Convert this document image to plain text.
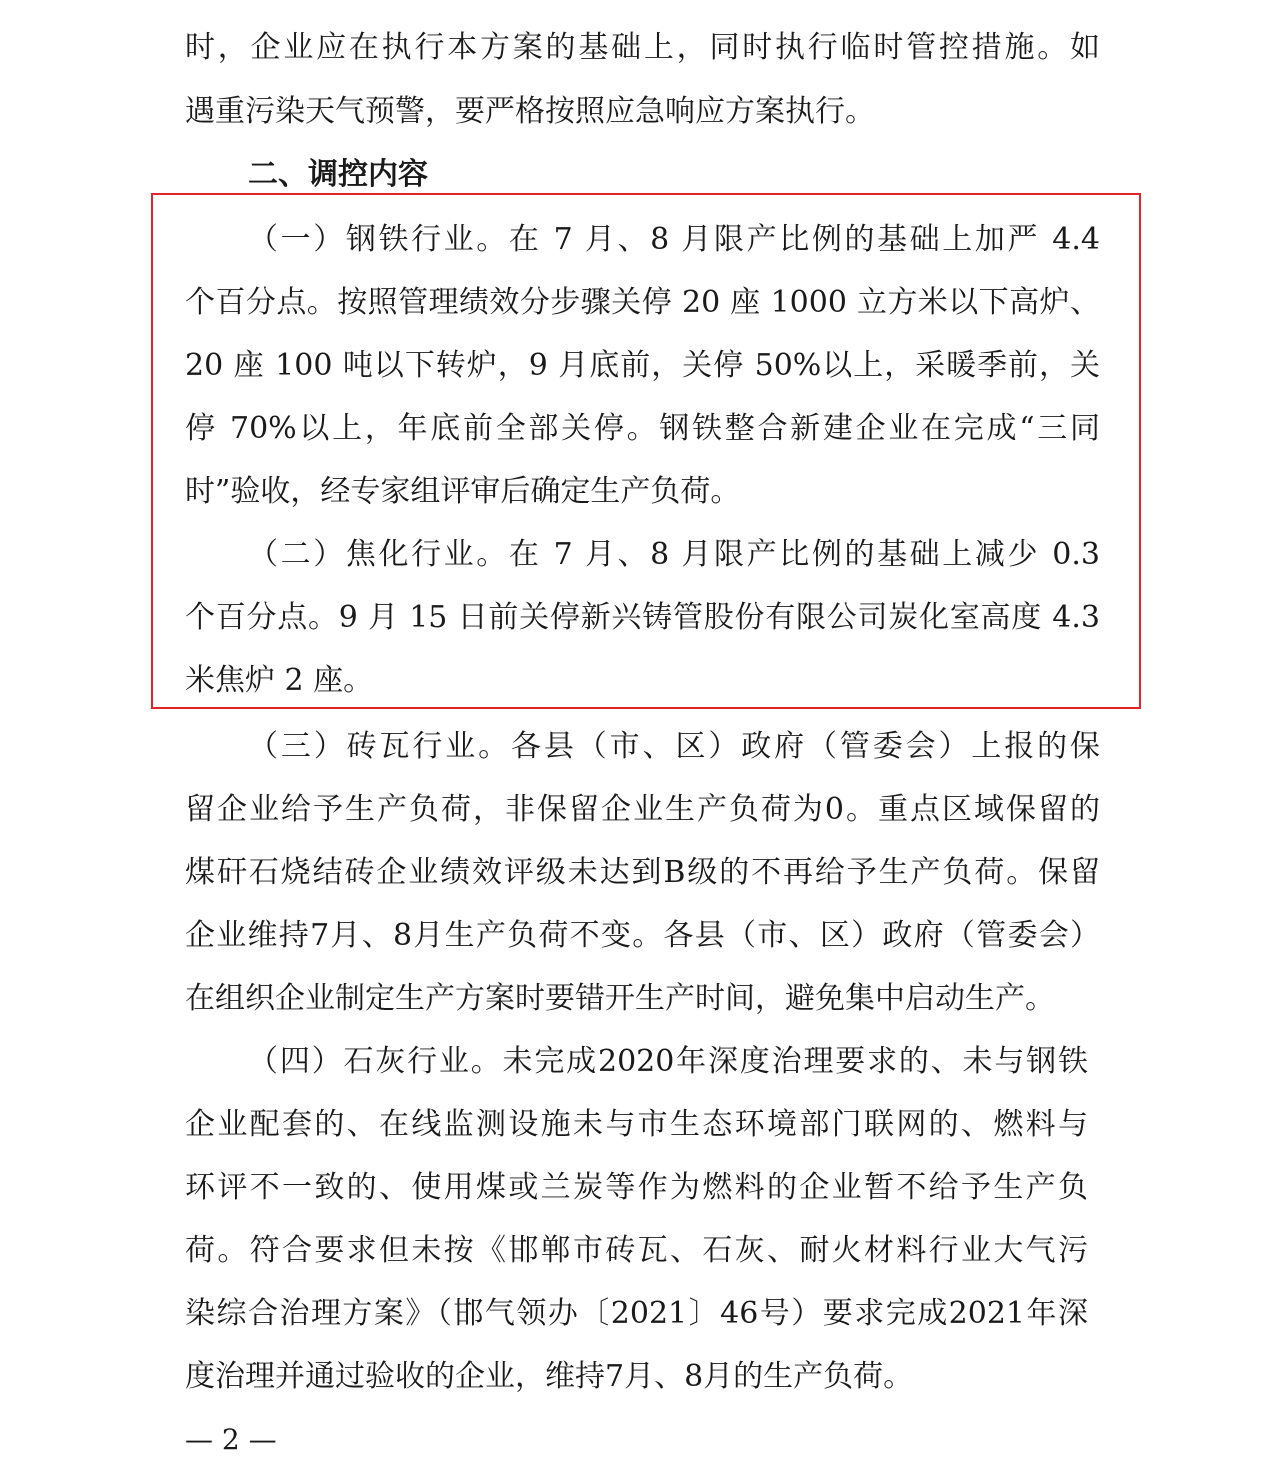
时，企业应在执行本方案的基础上，同时执行临时管控措施。如
遇重污染天气预警，要严格按照应急响应方案执行。
二、调控内容
（一）钢铁行业。在 7 月、8 月限产比例的基础上加严 4.4
个百分点。按照管理绩效分步骤关停 20 座 1000 立方米以下高炉、
20 座 100 吨以下转炉，9 月底前，关停 50%以上，采暖季前，关
停 70%以上，年底前全部关停。钢铁整合新建企业在完成“三同
时”验收，经专家组评审后确定生产负荷。
（二）焦化行业。在 7 月、8 月限产比例的基础上减少 0.3
个百分点。9 月 15 日前关停新兴铸管股份有限公司炭化室高度 4.3
米焦炉 2 座。
（三）砖瓦行业。各县（市、区）政府（管委会）上报的保
留企业给予生产负荷，非保留企业生产负荷为0。重点区域保留的
煤矸石烧结砖企业绩效评级未达到B级的不再给予生产负荷。保留
企业维持7月、8月生产负荷不变。各县（市、区）政府（管委会）
在组织企业制定生产方案时要错开生产时间，避免集中启动生产。
（四）石灰行业。未完成2020年深度治理要求的、未与钢铁
企业配套的、在线监测设施未与市生态环境部门联网的、燃料与
环评不一致的、使用煤或兰炭等作为燃料的企业暂不给予生产负
荷。符合要求但未按《邯郸市砖瓦、石灰、耐火材料行业大气污
染综合治理方案》（邯气领办〔2021〕46号）要求完成2021年深
度治理并通过验收的企业，维持7月、8月的生产负荷。
— 2 —
